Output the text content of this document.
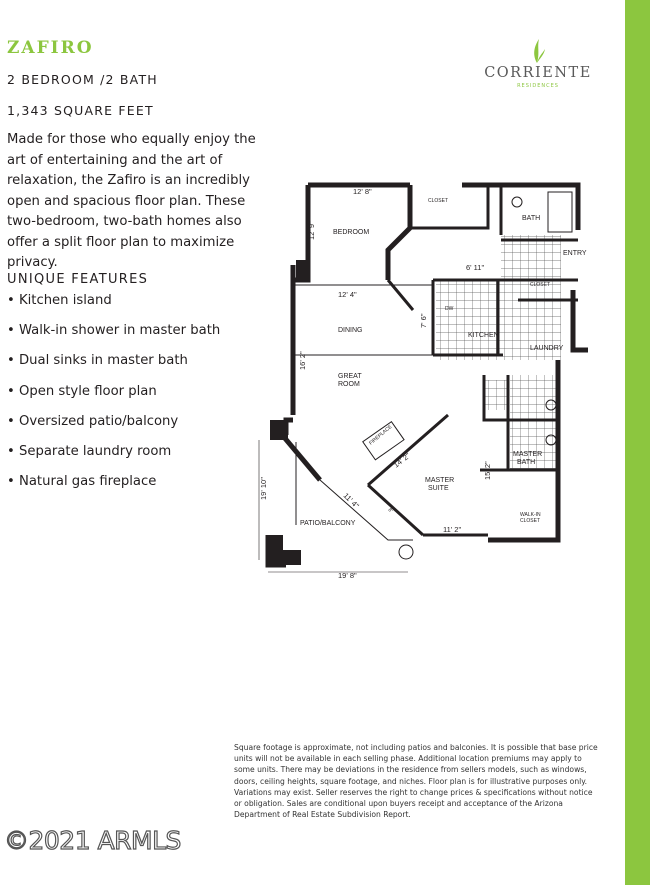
ZAFIRO
2 BEDROOM /2 BATH
1,343 SQUARE FEET
Made for those who equally enjoy the art of entertaining and the art of relaxation, the Zafiro is an incredibly open and spacious floor plan. These two-bedroom, two-bath homes also offer a split floor plan to maximize privacy.
UNIQUE FEATURES
• Kitchen island
• Walk-in shower in master bath
• Dual sinks in master bath
• Open style floor plan
• Oversized patio/balcony
• Separate laundry room
• Natural gas fireplace
CORRIENTE
RESIDENCES
BEDROOM
CLOSET
BATH
ENTRY
CLOSET
DINING
DW
KITCHEN
LAUNDRY
GREAT
ROOM
FIREPLACE
MASTER
BATH
MASTER
SUITE
WALK-IN
CLOSET
PATIO/BALCONY
12' 8"
12' 9"
6' 11"
12' 4"
7' 6"
16' 2"
14' 2"
15' 2"
11' 2"
11' 4"
19' 10"
19' 8"
8'
Square footage is approximate, not including patios and balconies. It is possible that base price units will not be available in each selling phase. Additional location premiums may apply to some units. There may be deviations in the residence from sellers models, such as windows, doors, ceiling heights, square footage, and niches. Floor plan is for illustrative purposes only. Variations may exist. Seller reserves the right to change prices & specifications without notice or obligation. Sales are conditional upon buyers receipt and acceptance of the Arizona Department of Real Estate Subdivision Report.
©2021 ARMLS
